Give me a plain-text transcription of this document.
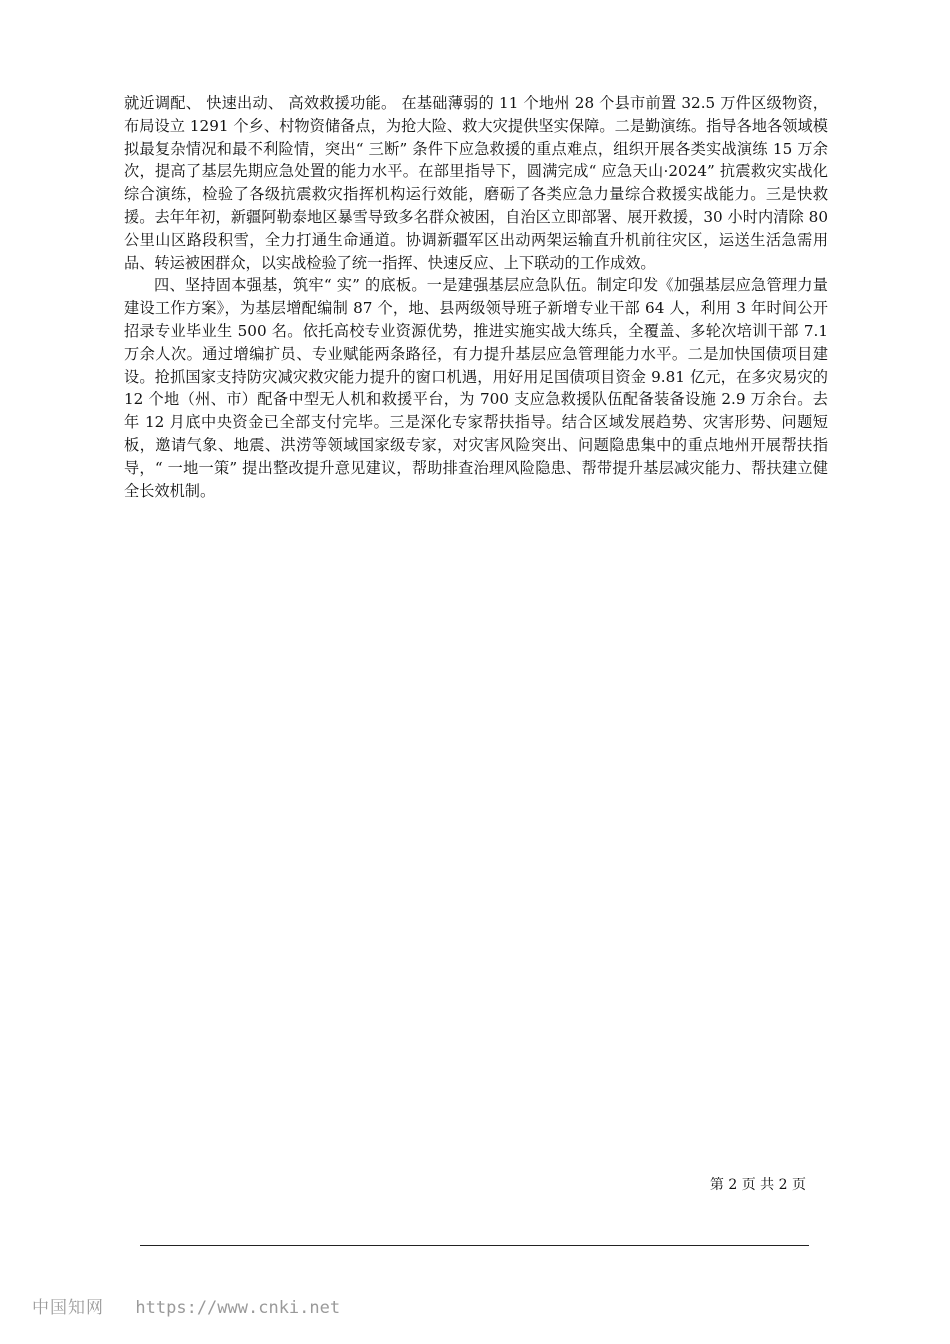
就近调配、 快速出动、 高效救援功能。 在基础薄弱的 11 个地州 28 个县市前置 32.5 万件区级物资，布局设立 1291 个乡、村物资储备点，为抢大险、救大灾提供坚实保障。二是勤演练。指导各地各领域模拟最复杂情况和最不利险情，突出“ 三断” 条件下应急救援的重点难点，组织开展各类实战演练 15 万余次，提高了基层先期应急处置的能力水平。在部里指导下，圆满完成“ 应急天山·2024” 抗震救灾实战化综合演练，检验了各级抗震救灾指挥机构运行效能，磨砺了各类应急力量综合救援实战能力。三是快救援。去年年初，新疆阿勒泰地区暴雪导致多名群众被困，自治区立即部署、展开救援，30 小时内清除 80 公里山区路段积雪，全力打通生命通道。协调新疆军区出动两架运输直升机前往灾区，运送生活急需用品、转运被困群众，以实战检验了统一指挥、快速反应、上下联动的工作成效。

四、坚持固本强基，筑牢“ 实” 的底板。一是建强基层应急队伍。制定印发《加强基层应急管理力量建设工作方案》，为基层增配编制 87 个，地、县两级领导班子新增专业干部 64 人，利用 3 年时间公开招录专业毕业生 500 名。依托高校专业资源优势，推进实施实战大练兵，全覆盖、多轮次培训干部 7.1 万余人次。通过增编扩员、专业赋能两条路径，有力提升基层应急管理能力水平。二是加快国债项目建设。抢抓国家支持防灾减灾救灾能力提升的窗口机遇，用好用足国债项目资金 9.81 亿元，在多灾易灾的 12 个地（州、市）配备中型无人机和救援平台，为 700 支应急救援队伍配备装备设施 2.9 万余台。去年 12 月底中央资金已全部支付完毕。三是深化专家帮扶指导。结合区域发展趋势、灾害形势、问题短板，邀请气象、地震、洪涝等领域国家级专家，对灾害风险突出、问题隐患集中的重点地州开展帮扶指导，“ 一地一策” 提出整改提升意见建议，帮助排查治理风险隐患、帮带提升基层减灾能力、帮扶建立健全长效机制。

第 2 页 共 2 页
中国知网 https://www.cnki.net
